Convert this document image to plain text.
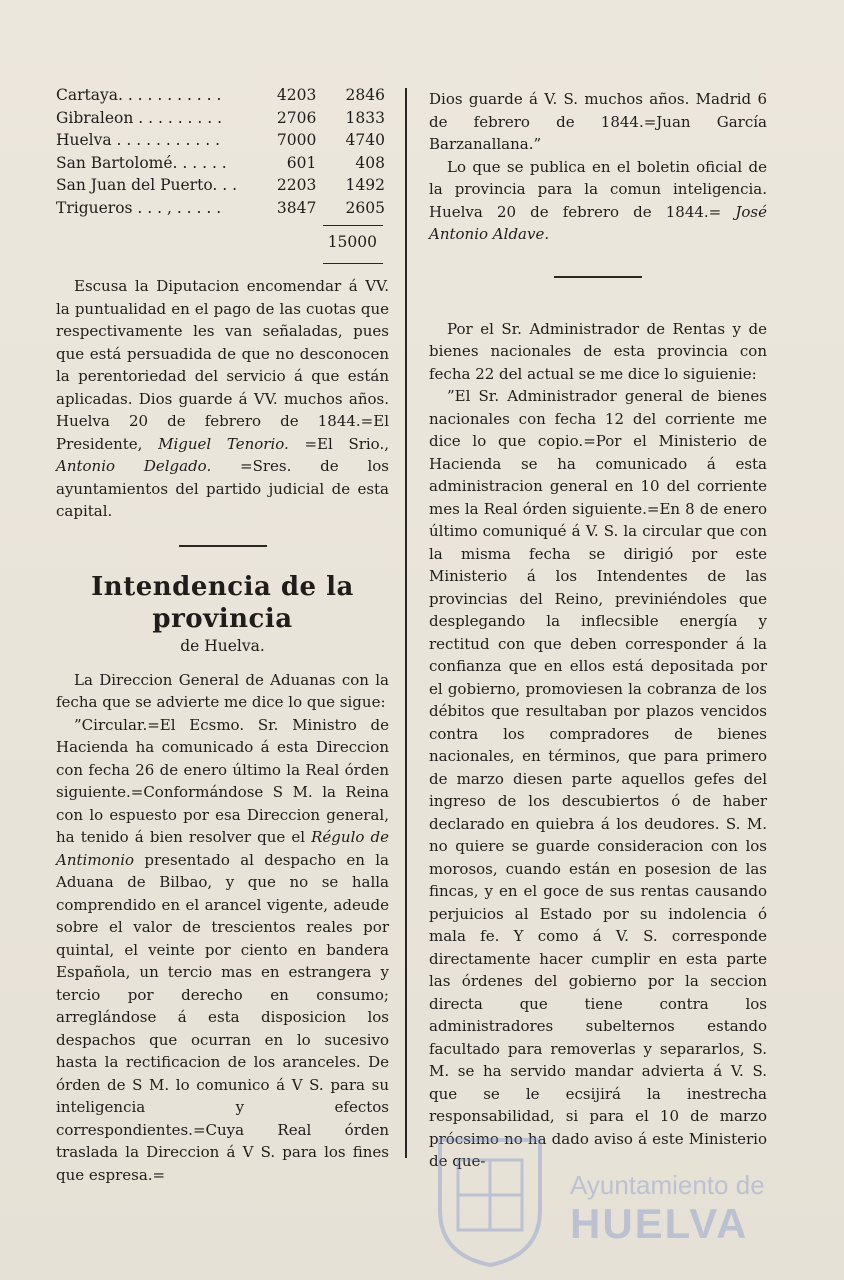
Cartaya. . . . . . . . . . .	4203	2846
Gibraleon . . . . . . . . .	2706	1833
Huelva . . . . . . . . . . .	7000	4740
San Bartolomé. . . . . .	601	408
San Juan del Puerto. . .	2203	1492
Trigueros . . . , . . . . .	3847	2605
15000

Escusa la Diputacion encomendar á VV. la puntualidad en el pago de las cuotas que respectivamente les van señaladas, pues que está persuadida de que no desconocen la perentoriedad del servicio á que están aplicadas. Dios guarde á VV. muchos años. Huelva 20 de febrero de 1844.=El Presidente, Miguel Tenorio. =El Srio., Antonio Delgado. =Sres. de los ayuntamientos del partido judicial de esta capital.

Intendencia de la provincia

de Huelva.

La Direccion General de Aduanas con la fecha que se advierte me dice lo que sigue:

”Circular.=El Ecsmo. Sr. Ministro de Hacienda ha comunicado á esta Direccion con fecha 26 de enero último la Real órden siguiente.=Conformándose S M. la Reina con lo espuesto por esa Direccion general, ha tenido á bien resolver que el Régulo de Antimonio presentado al despacho en la Aduana de Bilbao, y que no se halla comprendido en el arancel vigente, adeude sobre el valor de trescientos reales por quintal, el veinte por ciento en bandera Española, un tercio mas en estrangera y tercio por derecho en consumo; arreglándose á esta disposicion los despachos que ocurran en lo sucesivo hasta la rectificacion de los aranceles. De órden de S M. lo comunico á V S. para su inteligencia y efectos correspondientes.=Cuya Real órden traslada la Direccion á V S. para los fines que espresa.=

Dios guarde á V. S. muchos años. Madrid 6 de febrero de 1844.=Juan García Barzanallana.”

Lo que se publica en el boletin oficial de la provincia para la comun inteligencia. Huelva 20 de febrero de 1844.= José Antonio Aldave.

Por el Sr. Administrador de Rentas y de bienes nacionales de esta provincia con fecha 22 del actual se me dice lo siguienie:

”El Sr. Administrador general de bienes nacionales con fecha 12 del corriente me dice lo que copio.=Por el Ministerio de Hacienda se ha comunicado á esta administracion general en 10 del corriente mes la Real órden siguiente.=En 8 de enero último comuniqué á V. S. la circular que con la misma fecha se dirigió por este Ministerio á los Intendentes de las provincias del Reino, previniéndoles que desplegando la inflecsible energía y rectitud con que deben corresponder á la confianza que en ellos está depositada por el gobierno, promoviesen la cobranza de los débitos que resultaban por plazos vencidos contra los compradores de bienes nacionales, en términos, que para primero de marzo diesen parte aquellos gefes del ingreso de los descubiertos ó de haber declarado en quiebra á los deudores. S. M. no quiere se guarde consideracion con los morosos, cuando están en posesion de las fincas, y en el goce de sus rentas causando perjuicios al Estado por su indolencia ó mala fe. Y como á V. S. corresponde directamente hacer cumplir en esta parte las órdenes del gobierno por la seccion directa que tiene contra los administradores subelternos estando facultado para removerlas y separarlos, S. M. se ha servido mandar advierta á V. S. que se le ecsijirá la inestrecha responsabilidad, si para el 10 de marzo prócsimo no ha dado aviso á este Ministerio de que-

Ayuntamiento de
HUELVA
